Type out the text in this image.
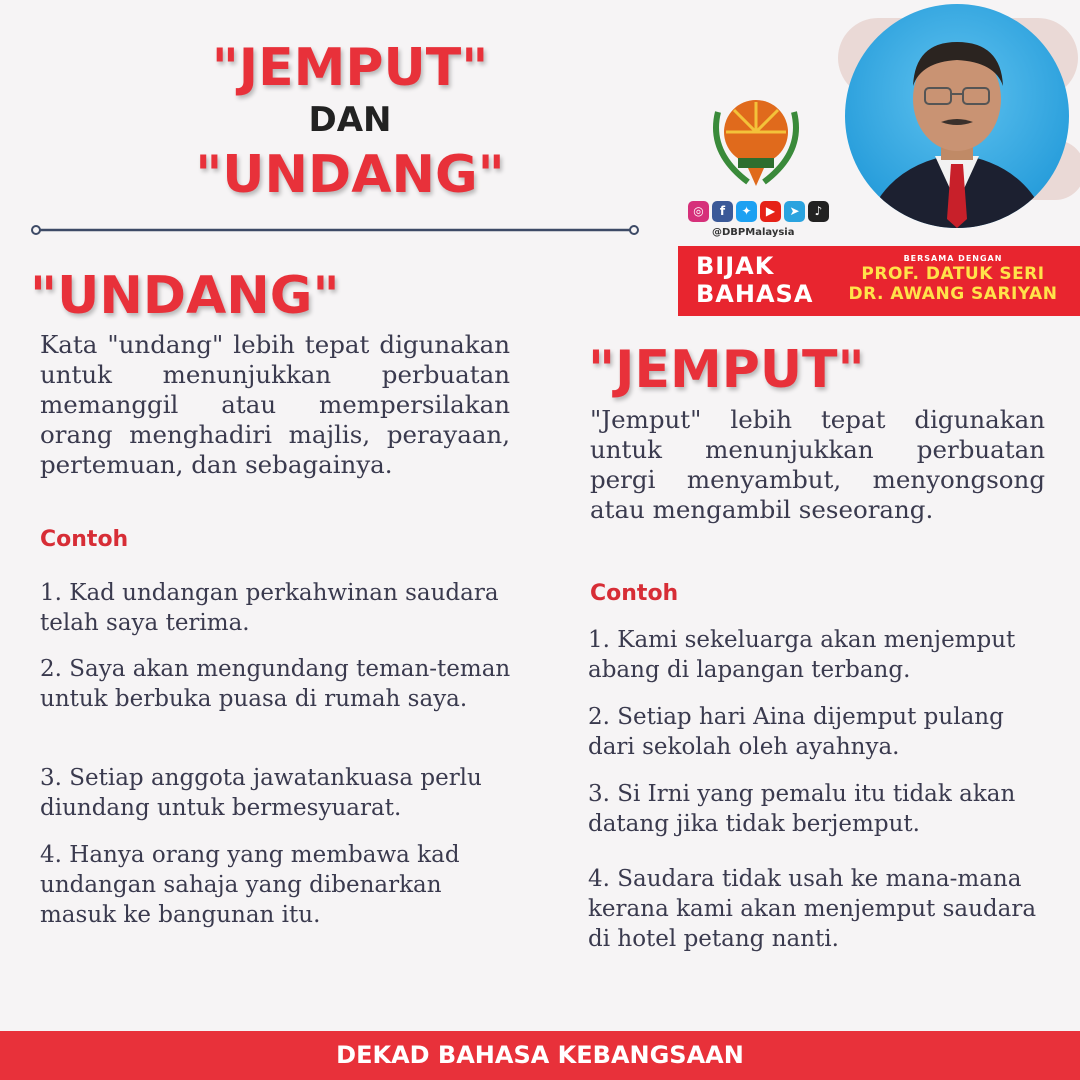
"JEMPUT"
DAN
"UNDANG"
◎ f ✦ ▶ ➤ ♪
@DBPMalaysia
BIJAK
BAHASA
BERSAMA DENGAN
PROF. DATUK SERI
DR. AWANG SARIYAN
"UNDANG"
Kata "undang" lebih tepat digunakan untuk menunjukkan perbuatan memanggil atau mempersilakan orang menghadiri majlis, perayaan, pertemuan, dan sebagainya.
Contoh
1. Kad undangan perkahwinan saudara telah saya terima.
2. Saya akan mengundang teman-teman untuk berbuka puasa di rumah saya.
3. Setiap anggota jawatankuasa perlu diundang untuk bermesyuarat.
4. Hanya orang yang membawa kad undangan sahaja yang dibenarkan masuk ke bangunan itu.
"JEMPUT"
"Jemput" lebih tepat digunakan untuk menunjukkan perbuatan pergi menyambut, menyongsong atau mengambil seseorang.
Contoh
1. Kami sekeluarga akan menjemput abang di lapangan terbang.
2. Setiap hari Aina dijemput pulang dari sekolah oleh ayahnya.
3. Si Irni yang pemalu itu tidak akan datang jika tidak berjemput.
4. Saudara tidak usah ke mana-mana kerana kami akan menjemput saudara di hotel petang nanti.
DEKAD BAHASA KEBANGSAAN
